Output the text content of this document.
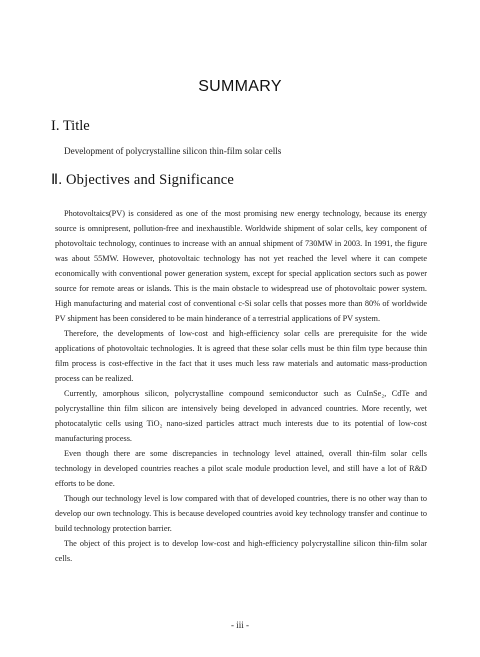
SUMMARY
I. Title
Development of polycrystalline silicon thin-film solar cells
Ⅱ. Objectives and Significance

Photovoltaics(PV) is considered as one of the most promising new energy technology, because its energy source is omnipresent, pollution-free and inexhaustible. Worldwide shipment of solar cells, key component of photovoltaic technology, continues to increase with an annual shipment of 730MW in 2003. In 1991, the figure was about 55MW. However, photovoltaic technology has not yet reached the level where it can compete economically with conventional power generation system, except for special application sectors such as power source for remote areas or islands. This is the main obstacle to widespread use of photovoltaic power system. High manufacturing and material cost of conventional c-Si solar cells that posses more than 80% of worldwide PV shipment has been considered to be main hinderance of a terrestrial applications of PV system.

Therefore, the developments of low-cost and high-efficiency solar cells are prerequisite for the wide applications of photovoltaic technologies. It is agreed that these solar cells must be thin film type because thin film process is cost-effective in the fact that it uses much less raw materials and automatic mass-production process can be realized.

Currently, amorphous silicon, polycrystalline compound semiconductor such as CuInSe₂, CdTe and polycrystalline thin film silicon are intensively being developed in advanced countries. More recently, wet photocatalytic cells using TiO₂ nano-sized particles attract much interests due to its potential of low-cost manufacturing process.

Even though there are some discrepancies in technology level attained, overall thin-film solar cells technology in developed countries reaches a pilot scale module production level, and still have a lot of R&D efforts to be done.

Though our technology level is low compared with that of developed countries, there is no other way than to develop our own technology. This is because developed countries avoid key technology transfer and continue to build technology protection barrier.

The object of this project is to develop low-cost and high-efficiency polycrystalline silicon thin-film solar cells.

- iii -
